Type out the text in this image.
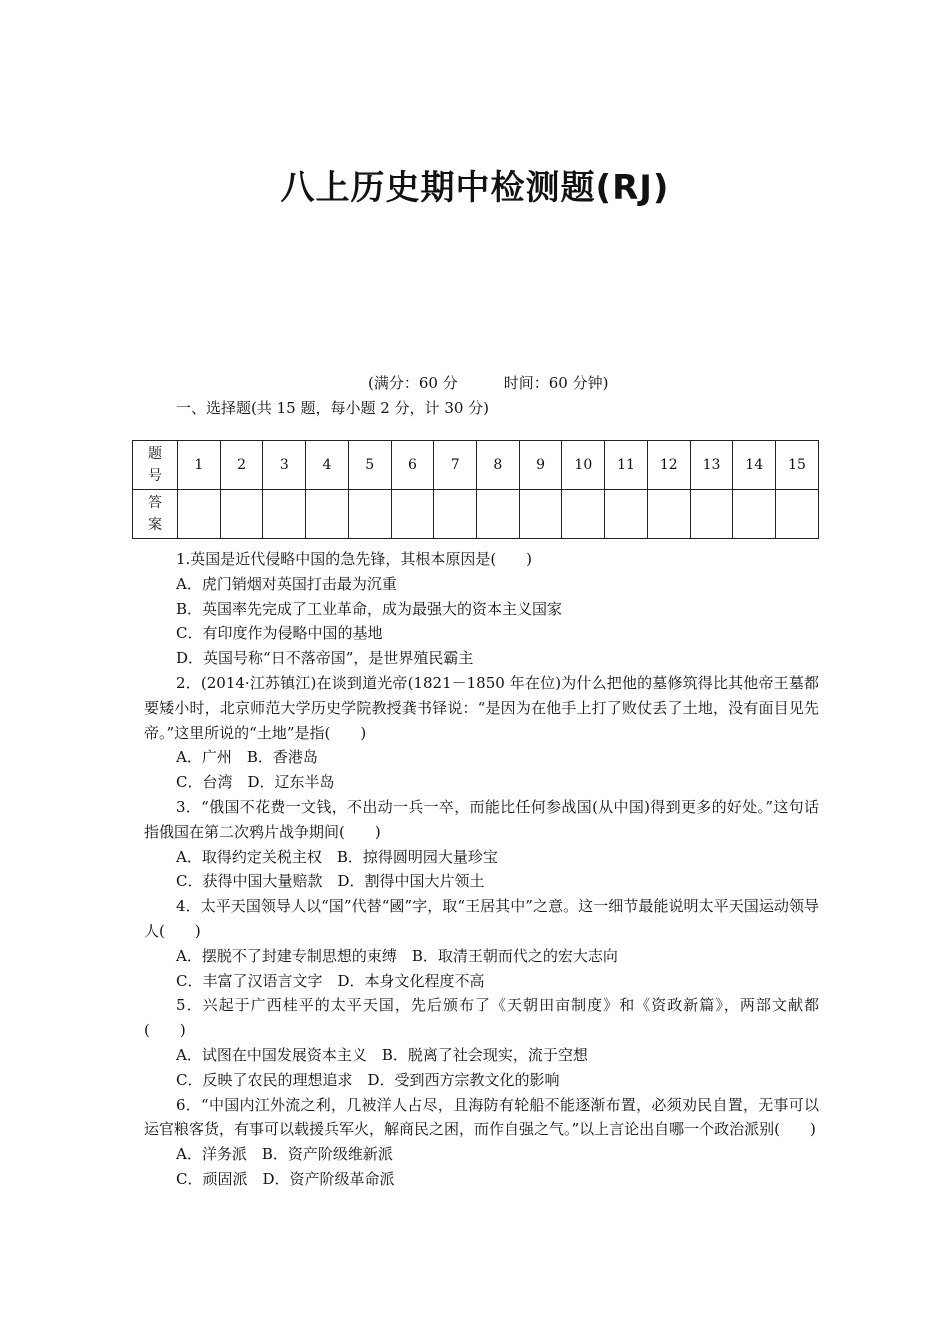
八上历史期中检测题(RJ)
(满分：60 分	时间：60 分钟)
一、选择题(共 15 题，每小题 2 分，计 30 分)
题号	1	2	3	4	5	6	7	8	9	10	11	12	13	14	15
答案															

1.英国是近代侵略中国的急先锋，其根本原因是(　　)

A．虎门销烟对英国打击最为沉重

B．英国率先完成了工业革命，成为最强大的资本主义国家

C．有印度作为侵略中国的基地

D．英国号称“日不落帝国”，是世界殖民霸主

2．(2014·江苏镇江)在谈到道光帝(1821－1850 年在位)为什么把他的墓修筑得比其他帝王墓都要矮小时，北京师范大学历史学院教授龚书铎说：“是因为在他手上打了败仗丢了土地，没有面目见先帝。”这里所说的“土地”是指(　　)

A．广州　B．香港岛

C．台湾　D．辽东半岛

3．“俄国不花费一文钱，不出动一兵一卒，而能比任何参战国(从中国)得到更多的好处。”这句话指俄国在第二次鸦片战争期间(　　)

A．取得约定关税主权　B．掠得圆明园大量珍宝

C．获得中国大量赔款　D．割得中国大片领土

4．太平天国领导人以“国”代替“國”字，取“王居其中”之意。这一细节最能说明太平天国运动领导人(　　)

A．摆脱不了封建专制思想的束缚　B．取清王朝而代之的宏大志向

C．丰富了汉语言文字　D．本身文化程度不高

5．兴起于广西桂平的太平天国，先后颁布了《天朝田亩制度》和《资政新篇》，两部文献都(　　)

A．试图在中国发展资本主义　B．脱离了社会现实，流于空想

C．反映了农民的理想追求　D．受到西方宗教文化的影响

6．“中国内江外流之利，几被洋人占尽，且海防有轮船不能逐渐布置，必须劝民自置，无事可以运官粮客货，有事可以载援兵军火，解商民之困，而作自强之气。”以上言论出自哪一个政治派别(　　)

A．洋务派　B．资产阶级维新派

C．顽固派　D．资产阶级革命派
